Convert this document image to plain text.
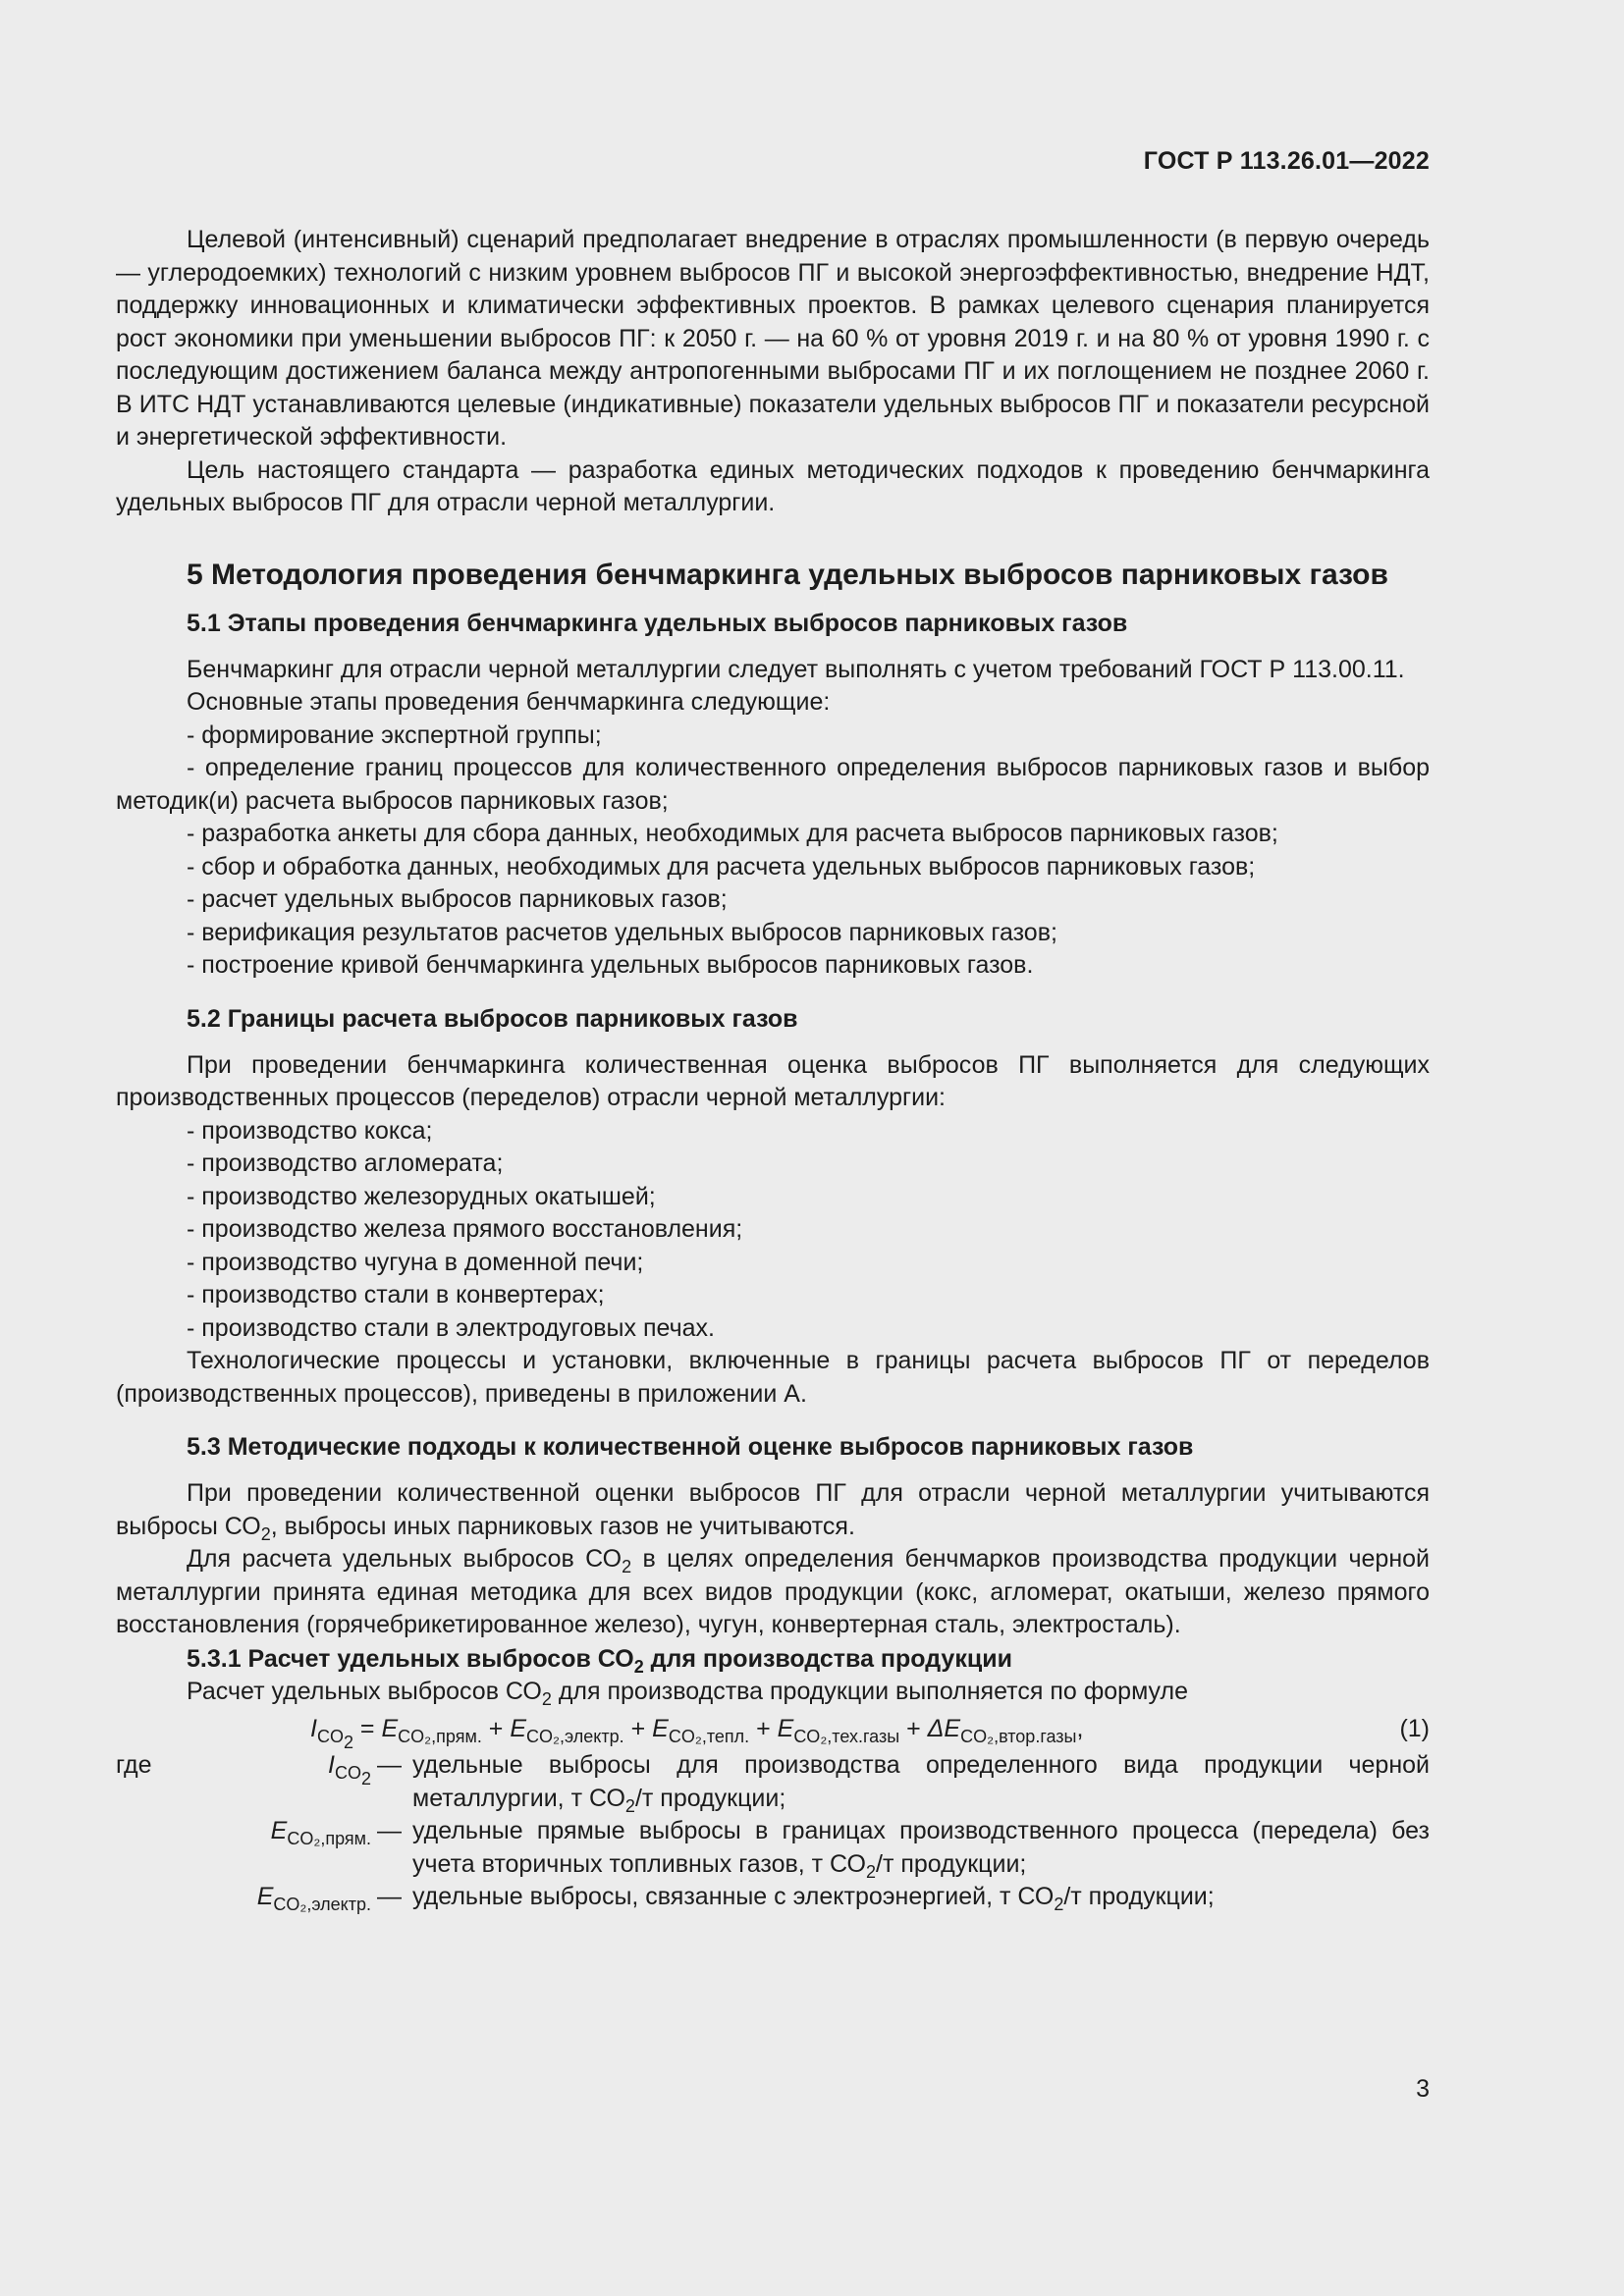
ГОСТ Р 113.26.01—2022

Целевой (интенсивный) сценарий предполагает внедрение в отраслях промышленности (в первую очередь — углеродоемких) технологий с низким уровнем выбросов ПГ и высокой энергоэффективностью, внедрение НДТ, поддержку инновационных и климатически эффективных проектов. В рамках целевого сценария планируется рост экономики при уменьшении выбросов ПГ: к 2050 г. — на 60 % от уровня 2019 г. и на 80 % от уровня 1990 г. с последующим достижением баланса между антропогенными выбросами ПГ и их поглощением не позднее 2060 г. В ИТС НДТ устанавливаются целевые (индикативные) показатели удельных выбросов ПГ и показатели ресурсной и энергетической эффективности.

Цель настоящего стандарта — разработка единых методических подходов к проведению бенчмаркинга удельных выбросов ПГ для отрасли черной металлургии.

5 Методология проведения бенчмаркинга удельных выбросов парниковых газов
5.1 Этапы проведения бенчмаркинга удельных выбросов парниковых газов

Бенчмаркинг для отрасли черной металлургии следует выполнять с учетом требований ГОСТ Р 113.00.11.

Основные этапы проведения бенчмаркинга следующие:

- формирование экспертной группы;

- определение границ процессов для количественного определения выбросов парниковых газов и выбор методик(и) расчета выбросов парниковых газов;

- разработка анкеты для сбора данных, необходимых для расчета выбросов парниковых газов;

- сбор и обработка данных, необходимых для расчета удельных выбросов парниковых газов;

- расчет удельных выбросов парниковых газов;

- верификация результатов расчетов удельных выбросов парниковых газов;

- построение кривой бенчмаркинга удельных выбросов парниковых газов.

5.2 Границы расчета выбросов парниковых газов

При проведении бенчмаркинга количественная оценка выбросов ПГ выполняется для следующих производственных процессов (переделов) отрасли черной металлургии:

- производство кокса;

- производство агломерата;

- производство железорудных окатышей;

- производство железа прямого восстановления;

- производство чугуна в доменной печи;

- производство стали в конвертерах;

- производство стали в электродуговых печах.

Технологические процессы и установки, включенные в границы расчета выбросов ПГ от переделов (производственных процессов), приведены в приложении А.

5.3 Методические подходы к количественной оценке выбросов парниковых газов

При проведении количественной оценки выбросов ПГ для отрасли черной металлургии учитываются выбросы $СО_2$, выбросы иных парниковых газов не учитываются.

Для расчета удельных выбросов $СО_2$ в целях определения бенчмарков производства продукции черной металлургии принята единая методика для всех видов продукции (кокс, агломерат, окатыши, железо прямого восстановления (горячебрикетированное железо), чугун, конвертерная сталь, электросталь).

5.3.1 Расчет удельных выбросов $СО_2$ для производства продукции

Расчет удельных выбросов $СО_2$ для производства продукции выполняется по формуле

$I_{CO_2} = E_{CO_2,прям.} + E_{CO_2,электр.} + E_{CO_2,тепл.} + E_{CO_2,тех.газы} + \Delta E_{CO_2,втор.газы}$,	(1)
где	$I_{CO_2}$ — удельные выбросы для производства определенного вида продукции черной металлургии, т $СО_2/т$ продукции;
$E_{CO_2,прям.}$ — удельные прямые выбросы в границах производственного процесса (передела) без учета вторичных топливных газов, т $СО_2/т$ продукции;
$E_{CO_2,электр.}$ — удельные выбросы, связанные с электроэнергией, т $СО_2/т$ продукции;
3
